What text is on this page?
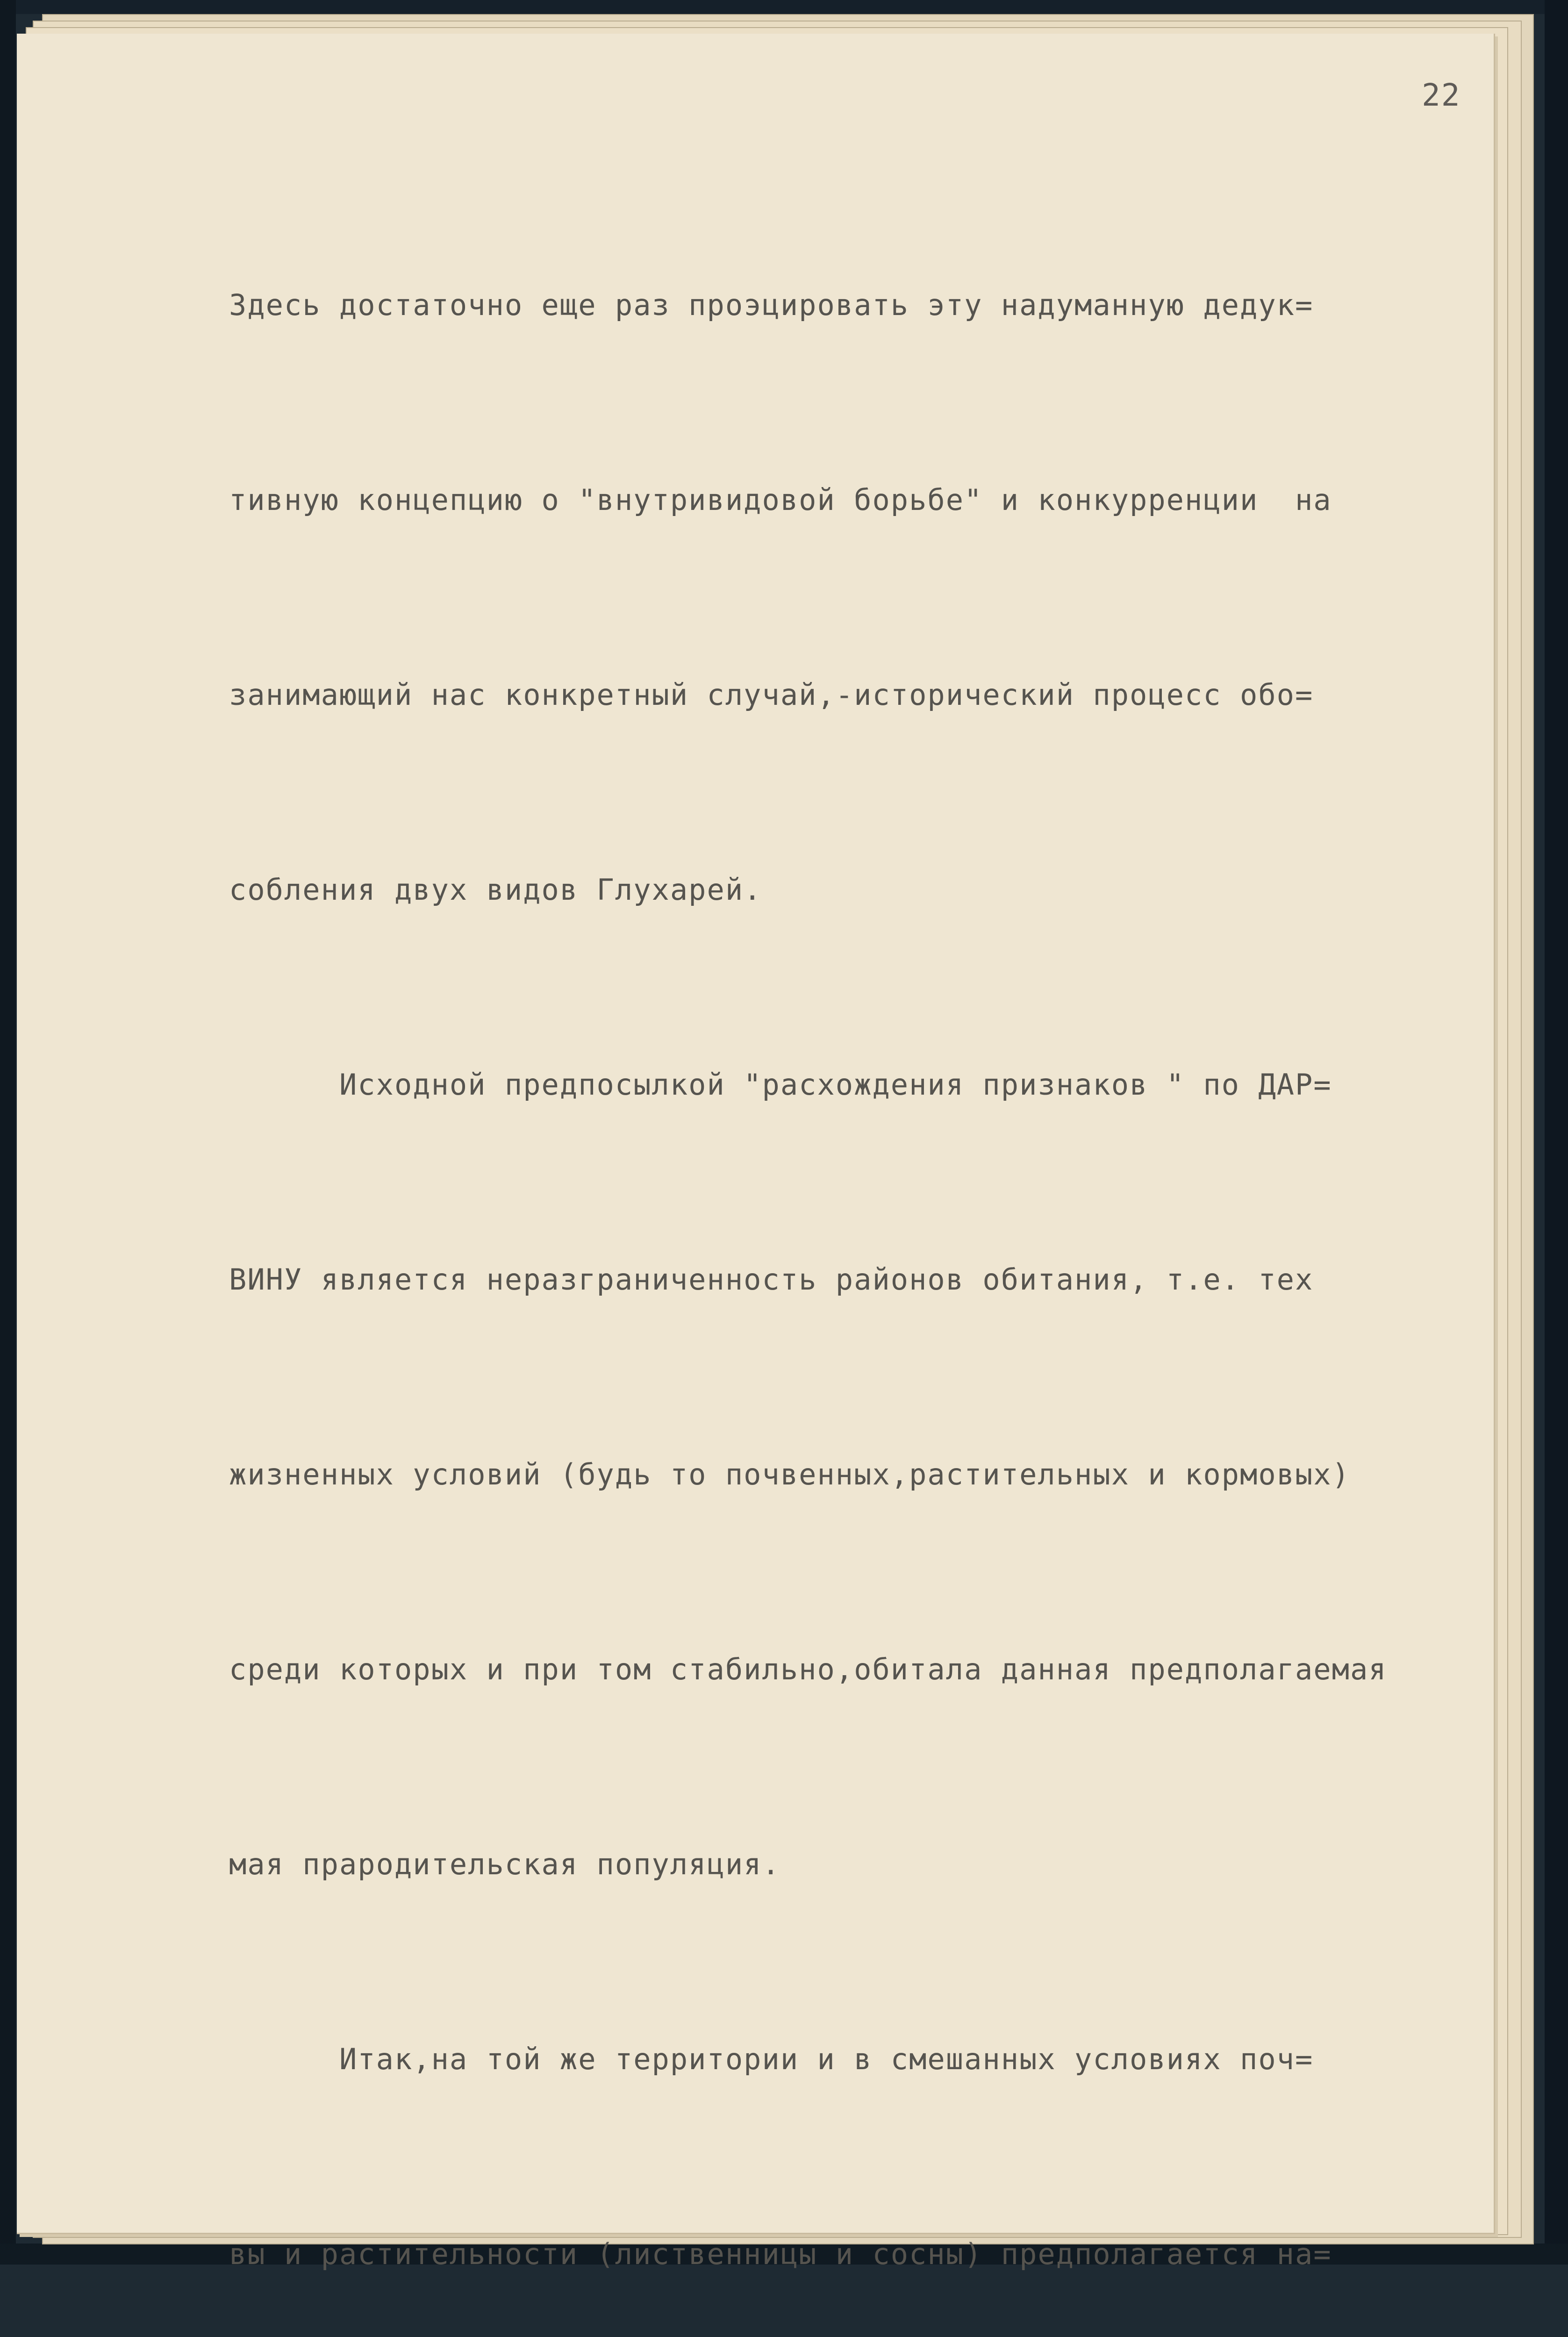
22

Здесь достаточно еще раз проэцировать эту надуманную дедук=

тивную концепцию о "внутривидовой борьбе" и конкурренции  на

занимающий нас конкретный случай,-исторический процесс обо=

собления двух видов Глухарей.

Исходной предпосылкой "расхождения признаков " по ДАР=

ВИНУ является неразграниченность районов обитания, т.е. тех

жизненных условий (будь то почвенных,растительных и кормовых)

среди которых и при том стабильно,обитала данная предполагаемая

мая прародительская популяция.

Итак,на той же территории и в смешанных условиях поч=

вы и растительности (лиственницы и сосны) предполагается на=
